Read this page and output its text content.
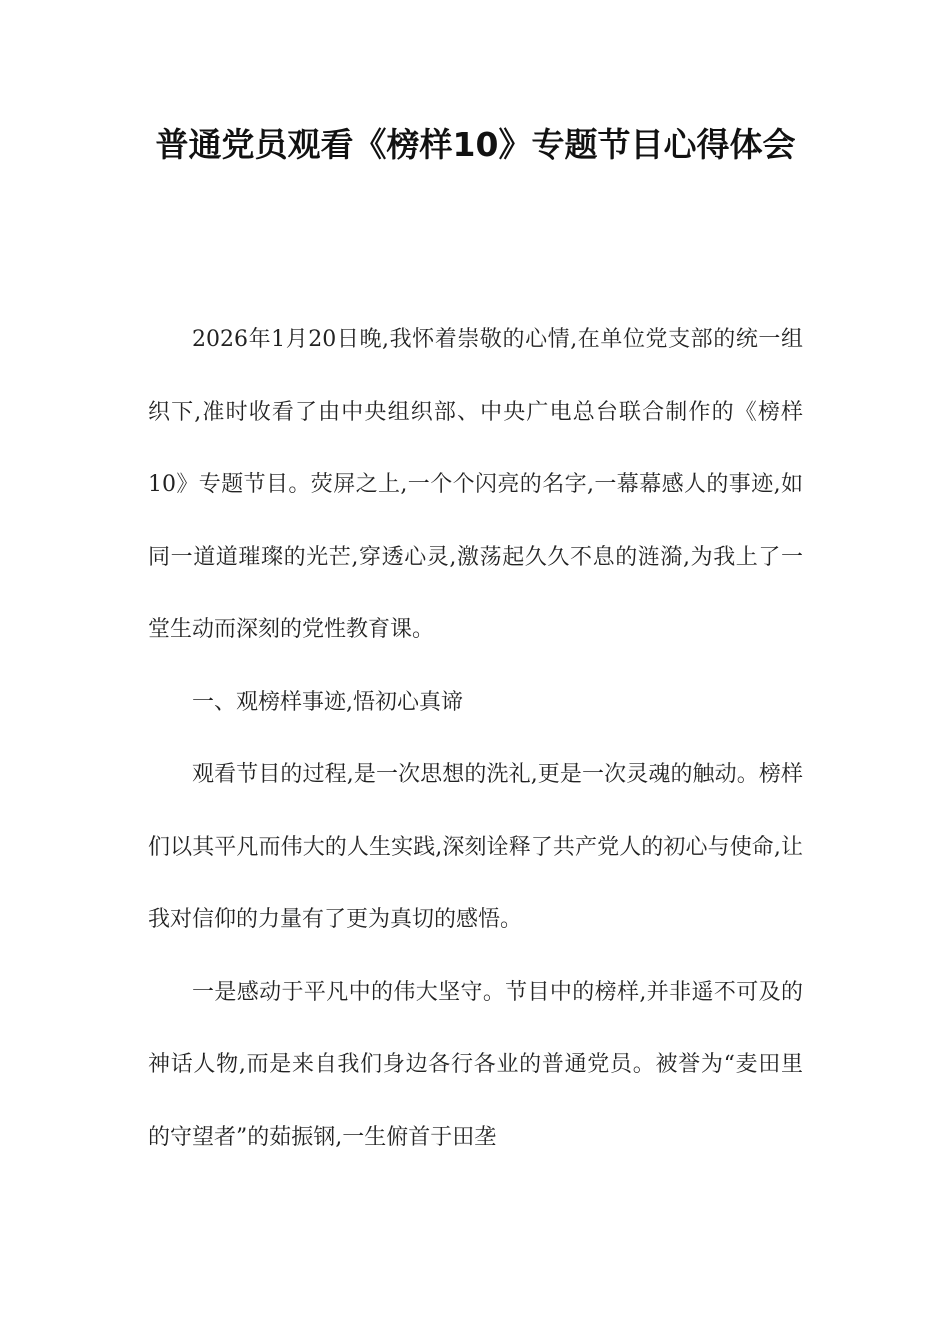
普通党员观看《榜样10》专题节目心得体会

2026年1月20日晚,我怀着崇敬的心情,在单位党支部的统一组织下,准时收看了由中央组织部、中央广电总台联合制作的《榜样10》专题节目。荧屏之上,一个个闪亮的名字,一幕幕感人的事迹,如同一道道璀璨的光芒,穿透心灵,激荡起久久不息的涟漪,为我上了一堂生动而深刻的党性教育课。

一、观榜样事迹,悟初心真谛

观看节目的过程,是一次思想的洗礼,更是一次灵魂的触动。榜样们以其平凡而伟大的人生实践,深刻诠释了共产党人的初心与使命,让我对信仰的力量有了更为真切的感悟。

一是感动于平凡中的伟大坚守。节目中的榜样,并非遥不可及的神话人物,而是来自我们身边各行各业的普通党员。被誉为“麦田里的守望者”的茹振钢,一生俯首于田垄
